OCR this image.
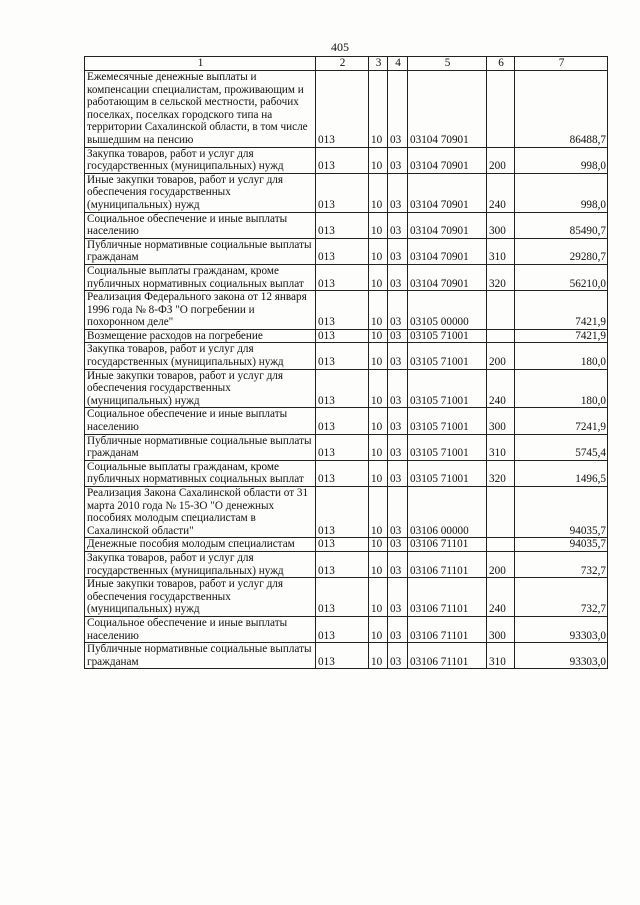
405
1	2	3	4	5	6	7
Ежемесячные денежные выплаты и компенсации специалистам, проживающим и работающим в сельской местности, рабочих поселках, поселках городского типа на территории Сахалинской области, в том числе вышедшим на пенсию	013	10	03	03104 70901		86488,7
Закупка товаров, работ и услуг для государственных (муниципальных) нужд	013	10	03	03104 70901	200	998,0
Иные закупки товаров, работ и услуг для обеспечения государственных (муниципальных) нужд	013	10	03	03104 70901	240	998,0
Социальное обеспечение и иные выплаты населению	013	10	03	03104 70901	300	85490,7
Публичные нормативные социальные выплаты гражданам	013	10	03	03104 70901	310	29280,7
Социальные выплаты гражданам, кроме публичных нормативных социальных выплат	013	10	03	03104 70901	320	56210,0
Реализация Федерального закона от 12 января 1996 года № 8-ФЗ "О погребении и похоронном деле"	013	10	03	03105 00000		7421,9
Возмещение расходов на погребение	013	10	03	03105 71001		7421,9
Закупка товаров, работ и услуг для государственных (муниципальных) нужд	013	10	03	03105 71001	200	180,0
Иные закупки товаров, работ и услуг для обеспечения государственных (муниципальных) нужд	013	10	03	03105 71001	240	180,0
Социальное обеспечение и иные выплаты населению	013	10	03	03105 71001	300	7241,9
Публичные нормативные социальные выплаты гражданам	013	10	03	03105 71001	310	5745,4
Социальные выплаты гражданам, кроме публичных нормативных социальных выплат	013	10	03	03105 71001	320	1496,5
Реализация Закона Сахалинской области от 31 марта 2010 года № 15-ЗО "О денежных пособиях молодым специалистам в Сахалинской области"	013	10	03	03106 00000		94035,7
Денежные пособия молодым специалистам	013	10	03	03106 71101		94035,7
Закупка товаров, работ и услуг для государственных (муниципальных) нужд	013	10	03	03106 71101	200	732,7
Иные закупки товаров, работ и услуг для обеспечения государственных (муниципальных) нужд	013	10	03	03106 71101	240	732,7
Социальное обеспечение и иные выплаты населению	013	10	03	03106 71101	300	93303,0
Публичные нормативные социальные выплаты гражданам	013	10	03	03106 71101	310	93303,0
